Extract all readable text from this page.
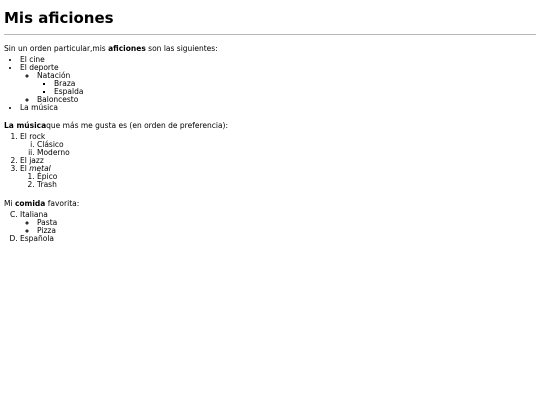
Mis aficiones

Sin un orden particular,mis aficiones son las siguientes:

• El cine
• El deporte
◦ Natación
▪ Braza
▪ Espalda
◦ Baloncesto
• La música

La músicaque más me gusta es (en orden de preferencia):

1. El rock
i. Clásico
ii. Moderno
2. El jazz
3. El metal
1. Épico
2. Trash

Mi comida favorita:

C. Italiana
◦ Pasta
◦ Pizza
D. Española
